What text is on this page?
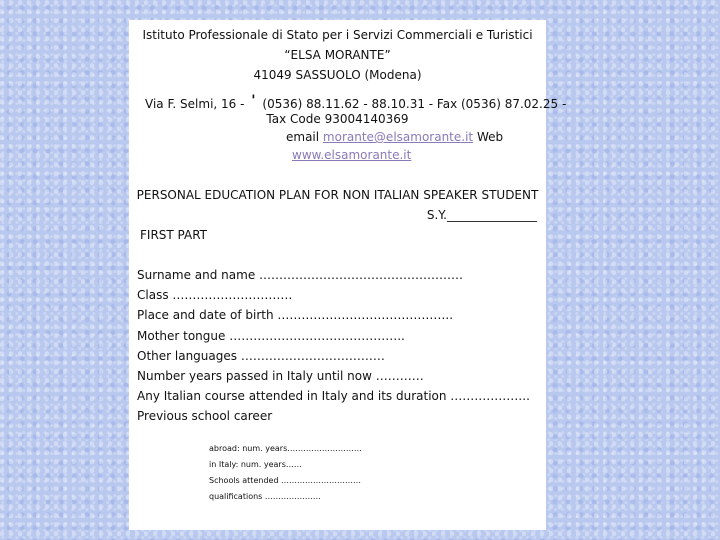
Istituto Professionale di Stato per i Servizi Commerciali e Turistici
“ELSA MORANTE”
41049 SASSUOLO (Modena)
Via F. Selmi, 16 - ' (0536) 88.11.62 - 88.10.31 - Fax (0536) 87.02.25 -
Tax Code 93004140369
email morante@elsamorante.it Web
www.elsamorante.it
PERSONAL EDUCATION PLAN FOR NON ITALIAN SPEAKER STUDENT
S.Y._______________
FIRST PART
Surname and name ……………………………………………
Class …………………………
Place and date of birth ……………………………………..
Mother tongue ……………………………………..
Other languages ………………………………
Number years passed in Italy until now …………
Any Italian course attended in Italy and its duration ………………..
Previous school career
abroad: num. years……………………….
in Italy: num. years……
Schools attended …………………………
qualifications …………………
